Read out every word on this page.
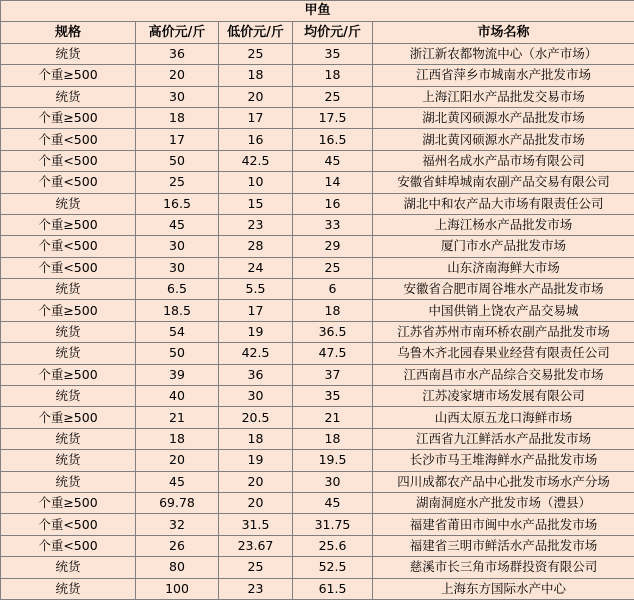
甲鱼				
规格	高价元/斤	低价元/斤	均价元/斤	市场名称
统货	36	25	35	浙江新农都物流中心（水产市场）
个重≥500	20	18	18	江西省萍乡市城南水产批发市场
统货	30	20	25	上海江阳水产品批发交易市场
个重≥500	18	17	17.5	湖北黄冈硕源水产品批发市场
个重<500	17	16	16.5	湖北黄冈硕源水产品批发市场
个重<500	50	42.5	45	福州名成水产品市场有限公司
个重<500	25	10	14	安徽省蚌埠城南农副产品交易有限公司
统货	16.5	15	16	湖北中和农产品大市场有限责任公司
个重≥500	45	23	33	上海江杨水产品批发市场
个重<500	30	28	29	厦门市水产品批发市场
个重<500	30	24	25	山东济南海鲜大市场
统货	6.5	5.5	6	安徽省合肥市周谷堆水产品批发市场
个重≥500	18.5	17	18	中国供销上饶农产品交易城
统货	54	19	36.5	江苏省苏州市南环桥农副产品批发市场
统货	50	42.5	47.5	乌鲁木齐北园春果业经营有限责任公司
个重≥500	39	36	37	江西南昌市水产品综合交易批发市场
统货	40	30	35	江苏凌家塘市场发展有限公司
个重≥500	21	20.5	21	山西太原五龙口海鲜市场
统货	18	18	18	江西省九江鲜活水产品批发市场
统货	20	19	19.5	长沙市马王堆海鲜水产品批发市场
统货	45	20	30	四川成都农产品中心批发市场水产分场
个重≥500	69.78	20	45	湖南洞庭水产批发市场（澧县）
个重<500	32	31.5	31.75	福建省莆田市闽中水产品批发市场
个重<500	26	23.67	25.6	福建省三明市鲜活水产品批发市场
统货	80	25	52.5	慈溪市长三角市场群投资有限公司
统货	100	23	61.5	上海东方国际水产中心
